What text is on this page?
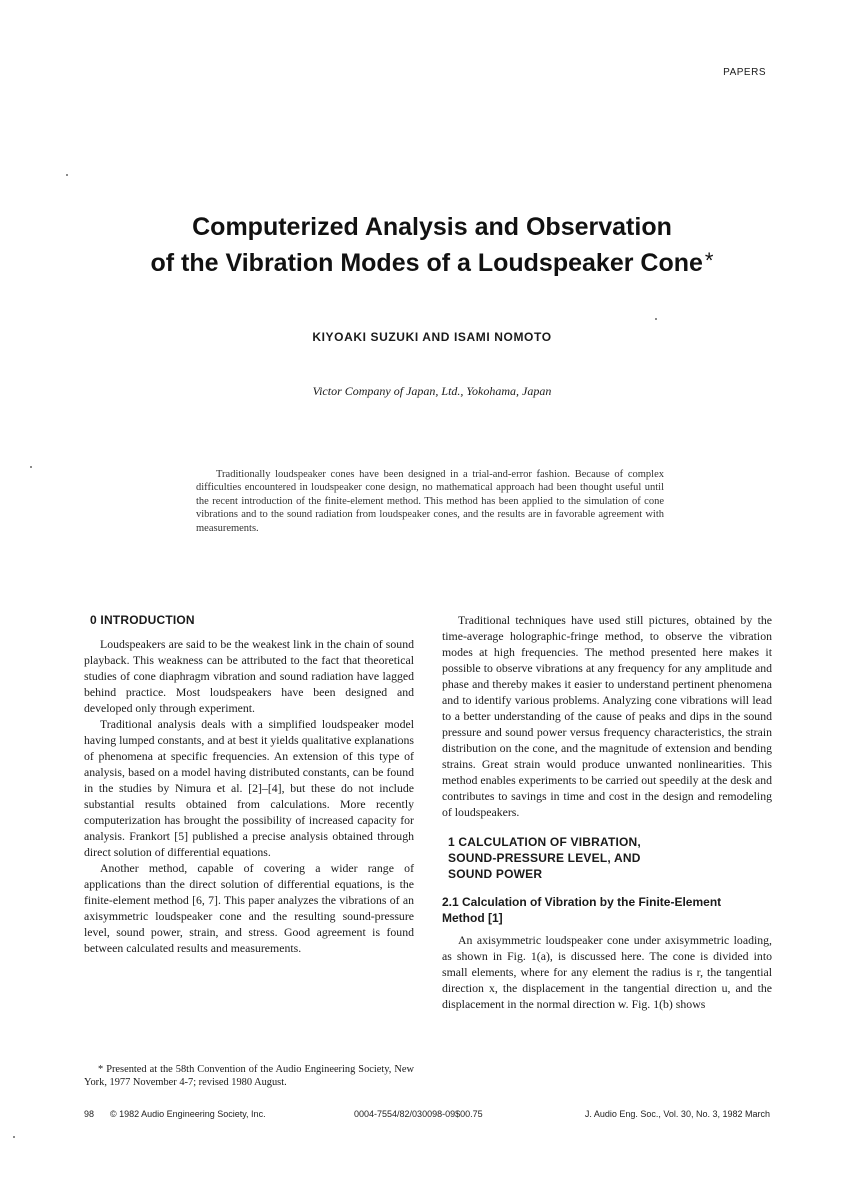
PAPERS
Computerized Analysis and Observation
of the Vibration Modes of a Loudspeaker Cone*
KIYOAKI SUZUKI AND ISAMI NOMOTO
Victor Company of Japan, Ltd., Yokohama, Japan

Traditionally loudspeaker cones have been designed in a trial-and-error fashion. Because of complex difficulties encountered in loudspeaker cone design, no mathematical approach had been thought useful until the recent introduction of the finite-element method. This method has been applied to the simulation of cone vibrations and to the sound radiation from loudspeaker cones, and the results are in favorable agreement with measurements.

0 INTRODUCTION

Loudspeakers are said to be the weakest link in the chain of sound playback. This weakness can be attributed to the fact that theoretical studies of cone diaphragm vibration and sound radiation have lagged behind practice. Most loudspeakers have been designed and developed only through experiment.

Traditional analysis deals with a simplified loudspeaker model having lumped constants, and at best it yields qualitative explanations of phenomena at specific frequencies. An extension of this type of analysis, based on a model having distributed constants, can be found in the studies by Nimura et al. [2]–[4], but these do not include substantial results obtained from calculations. More recently computerization has brought the possibility of increased capacity for analysis. Frankort [5] published a precise analysis obtained through direct solution of differential equations.

Another method, capable of covering a wider range of applications than the direct solution of differential equations, is the finite-element method [6, 7]. This paper analyzes the vibrations of an axisymmetric loudspeaker cone and the resulting sound-pressure level, sound power, strain, and stress. Good agreement is found between calculated results and measurements.

Traditional techniques have used still pictures, obtained by the time-average holographic-fringe method, to observe the vibration modes at high frequencies. The method presented here makes it possible to observe vibrations at any frequency for any amplitude and phase and thereby makes it easier to understand pertinent phenomena and to identify various problems. Analyzing cone vibrations will lead to a better understanding of the cause of peaks and dips in the sound pressure and sound power versus frequency characteristics, the strain distribution on the cone, and the magnitude of extension and bending strains. Great strain would produce unwanted nonlinearities. This method enables experiments to be carried out speedily at the desk and contributes to savings in time and cost in the design and remodeling of loudspeakers.

1 CALCULATION OF VIBRATION,
SOUND-PRESSURE LEVEL, AND
SOUND POWER
2.1 Calculation of Vibration by the Finite-Element
Method [1]

An axisymmetric loudspeaker cone under axisymmetric loading, as shown in Fig. 1(a), is discussed here. The cone is divided into small elements, where for any element the radius is r, the tangential direction x, the displacement in the tangential direction u, and the displacement in the normal direction w. Fig. 1(b) shows

* Presented at the 58th Convention of the Audio Engineering Society, New York, 1977 November 4-7; revised 1980 August.

98 © 1982 Audio Engineering Society, Inc.	0004-7554/82/030098-09$00.75	J. Audio Eng. Soc., Vol. 30, No. 3, 1982 March
